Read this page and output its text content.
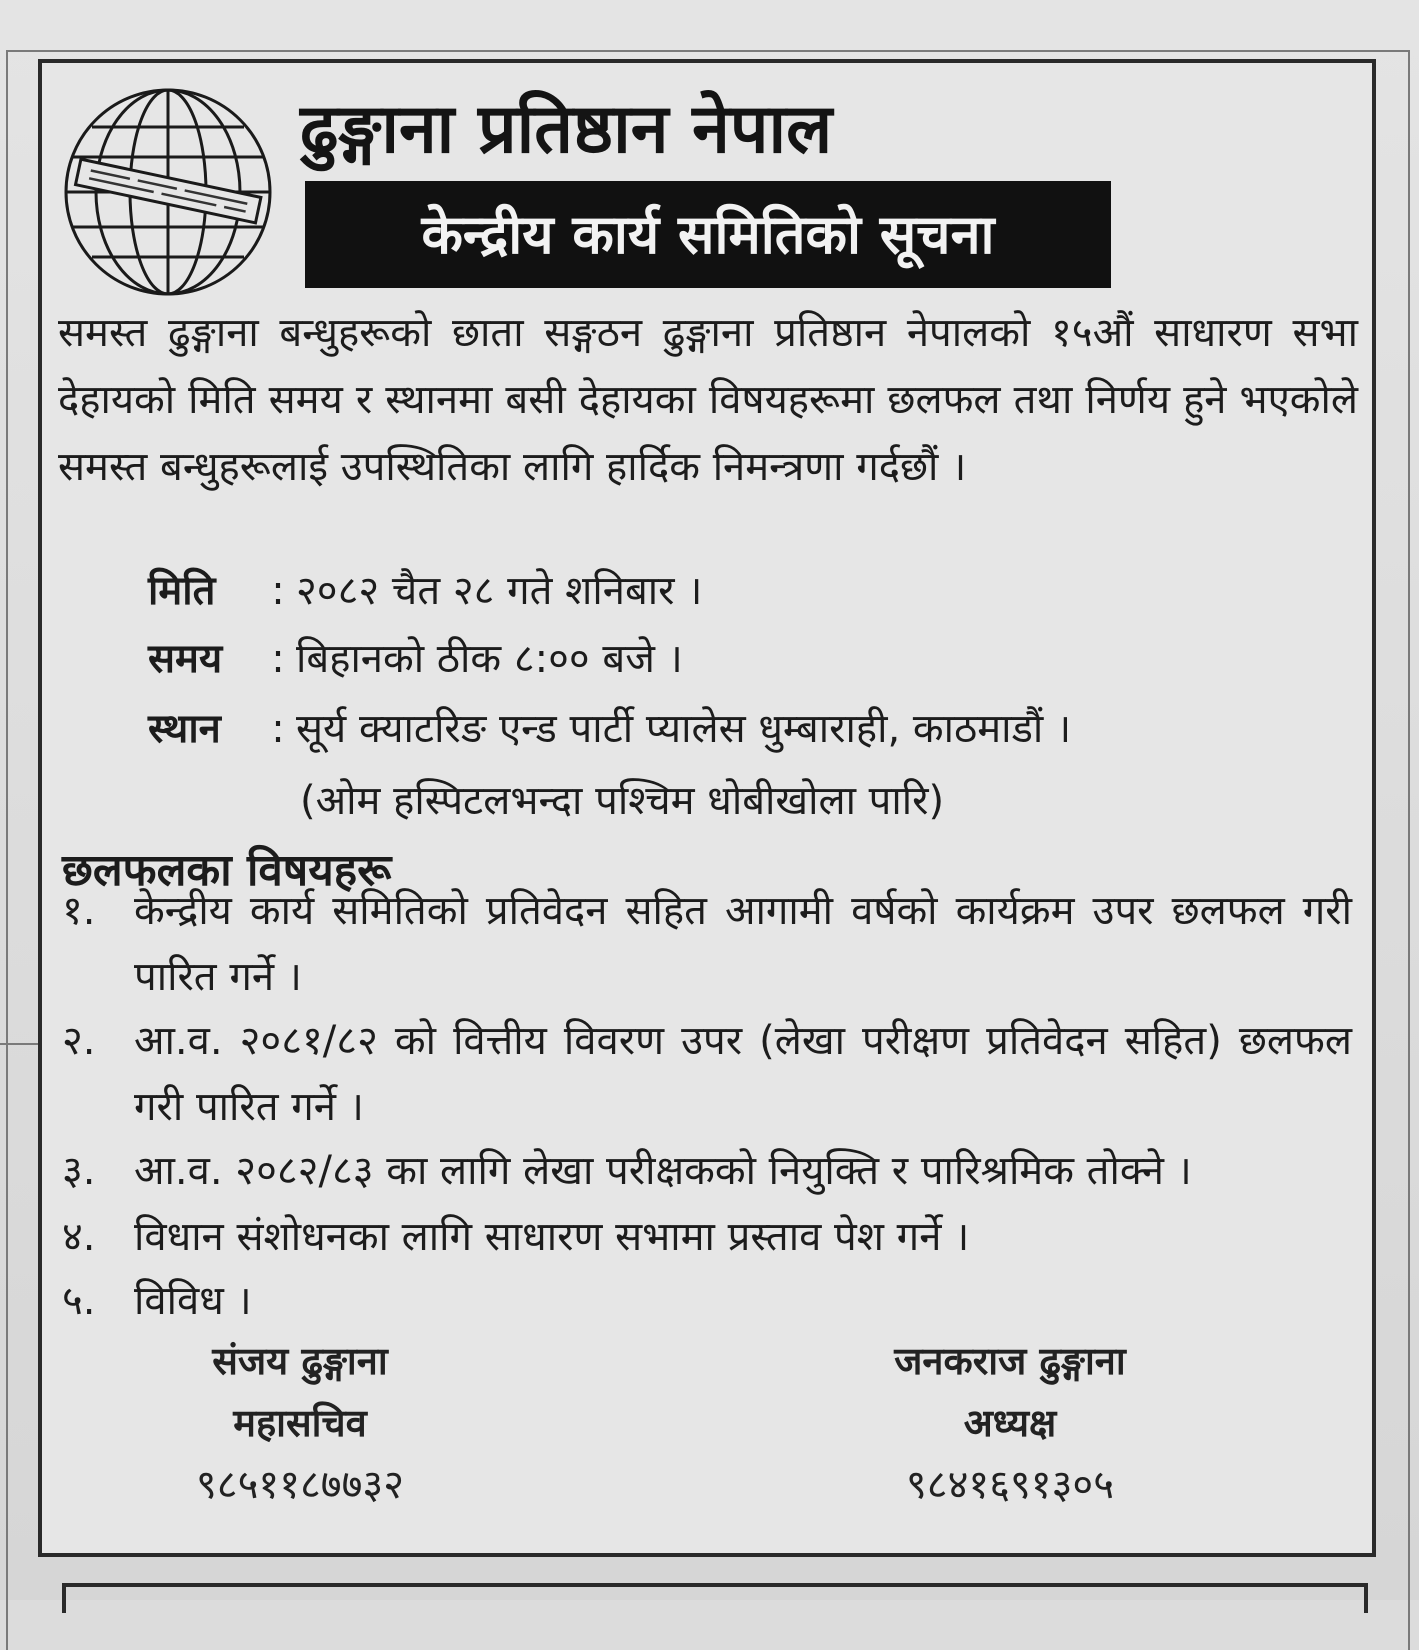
ढुङ्गाना प्रतिष्ठान नेपाल
केन्द्रीय कार्य समितिको सूचना
समस्त ढुङ्गाना बन्धुहरूको छाता सङ्गठन ढुङ्गाना प्रतिष्ठान नेपालको १५औं साधारण सभा देहायको मिति समय र स्थानमा बसी देहायका विषयहरूमा छलफल तथा निर्णय हुने भएकोले समस्त बन्धुहरूलाई उपस्थितिका लागि हार्दिक निमन्त्रणा गर्दछौं ।
मिति : २०८२ चैत २८ गते शनिबार ।
समय : बिहानको ठीक ८:०० बजे ।
स्थान : सूर्य क्याटरिङ एन्ड पार्टी प्यालेस धुम्बाराही, काठमाडौं ।
(ओम हस्पिटलभन्दा पश्चिम धोबीखोला पारि)
छलफलका विषयहरू
१. केन्द्रीय कार्य समितिको प्रतिवेदन सहित आगामी वर्षको कार्यक्रम उपर छलफल गरी पारित गर्ने ।
२. आ.व. २०८१/८२ को वित्तीय विवरण उपर (लेखा परीक्षण प्रतिवेदन सहित) छलफल गरी पारित गर्ने ।
३. आ.व. २०८२/८३ का लागि लेखा परीक्षकको नियुक्ति र पारिश्रमिक तोक्ने ।
४. विधान संशोधनका लागि साधारण सभामा प्रस्ताव पेश गर्ने ।
५. विविध ।
संजय ढुङ्गाना
महासचिव
९८५११८७७३२
जनकराज ढुङ्गाना
अध्यक्ष
९८४१६९१३०५
